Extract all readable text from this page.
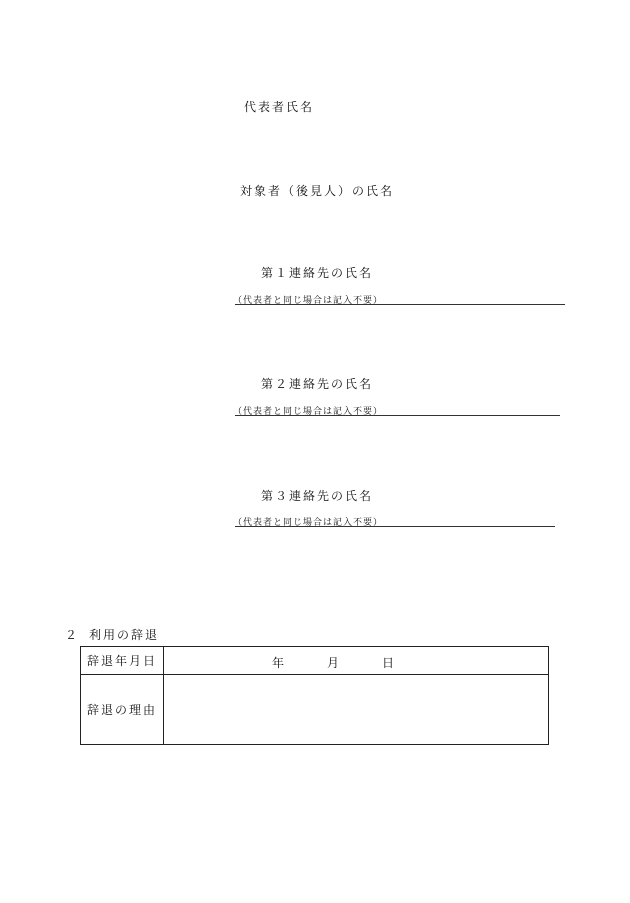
代表者氏名
対象者（後見人）の氏名
第１連絡先の氏名
（代表者と同じ場合は記入不要）
第２連絡先の氏名
（代表者と同じ場合は記入不要）
第３連絡先の氏名
（代表者と同じ場合は記入不要）
２ 利用の辞退
辞退年月日	年 月 日

辞退の理由	
